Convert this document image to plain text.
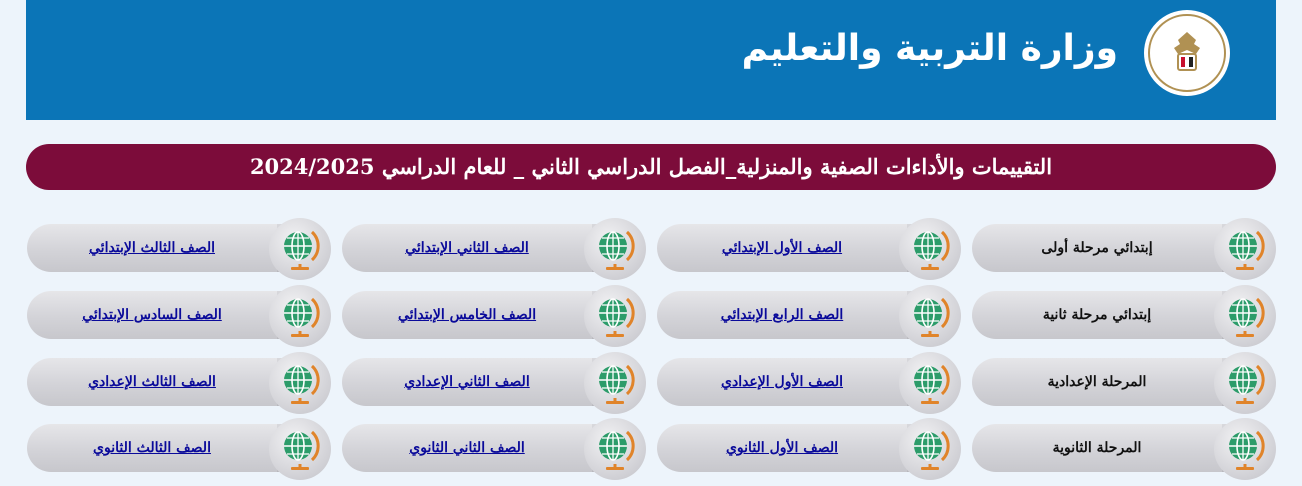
وزارة التربية والتعليم
التقييمات والأداءات الصفية والمنزلية_الفصل الدراسي الثاني _ للعام الدراسي 2024/2025
إبتدائي مرحلة أولى
الصف الأول الإبتدائي
الصف الثاني الإبتدائي
الصف الثالث الإبتدائي
إبتدائي مرحلة ثانية
الصف الرابع الإبتدائي
الصف الخامس الإبتدائي
الصف السادس الإبتدائي
المرحلة الإعدادية
الصف الأول الإعدادي
الصف الثاني الإعدادي
الصف الثالث الإعدادي
المرحلة الثانوية
الصف الأول الثانوي
الصف الثاني الثانوي
الصف الثالث الثانوي
